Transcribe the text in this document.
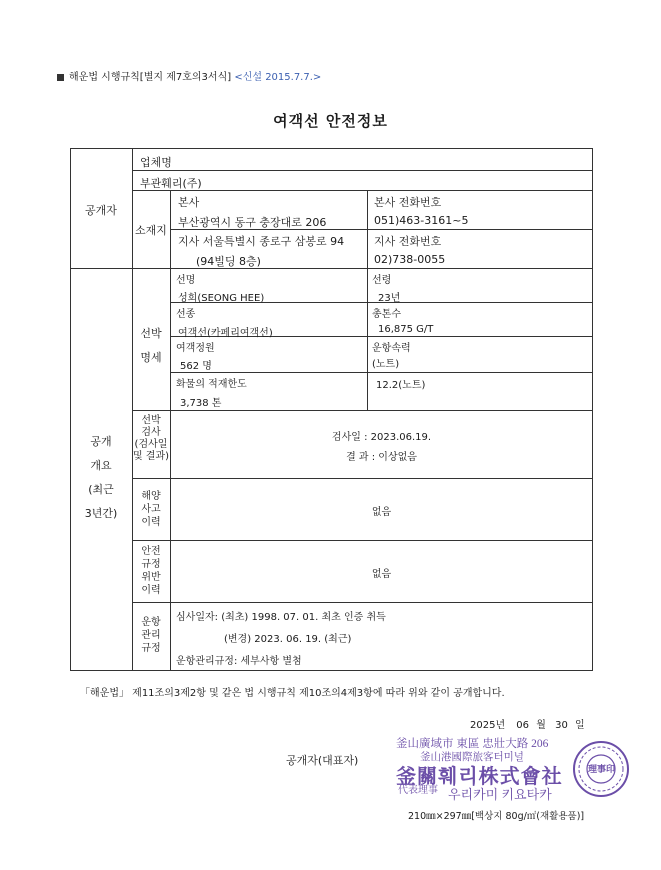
해운법 시행규칙[별지 제7호의3서식] <신설 2015.7.7.>
여객선 안전정보
공개자
업체명
부관훼리(주)
소재지
본사
부산광역시 동구 충장대로 206
본사 전화번호
051)463-3161~5
지사 서울특별시 종로구 삼봉로 94
(94빌딩 8층)
지사 전화번호
02)738-0055
공개
개요
(최근
3년간)
선박
명세
선명
성희(SEONG HEE)
선령
23년
선종
여객선(카페리여객선)
총톤수
16,875 G/T
여객정원
562 명
운항속력
(노트)
화물의 적재한도
3,738 톤
12.2(노트)
선박
검사
(검사일
및 결과)
검사일 : 2023.06.19.
결 과 : 이상없음
해양
사고
이력
없음
안전
규정
위반
이력
없음
운항
관리
규정
심사일자: (최초) 1998. 07. 01. 최초 인증 취득
(변경) 2023. 06. 19. (최근)
운항관리규정: 세부사항 별첨
「해운법」 제11조의3제2항 및 같은 법 시행규칙 제10조의4제3항에 따라 위와 같이 공개합니다.
2025년 06 월 30 일
공개자(대표자)
釜山廣域市 東區 忠壯大路 206
釜山港國際旅客터미널
釜關훼리株式會社
代表理事 우리카미 키요타카
理事印
210㎜×297㎜[백상지 80g/㎡(재활용품)]
